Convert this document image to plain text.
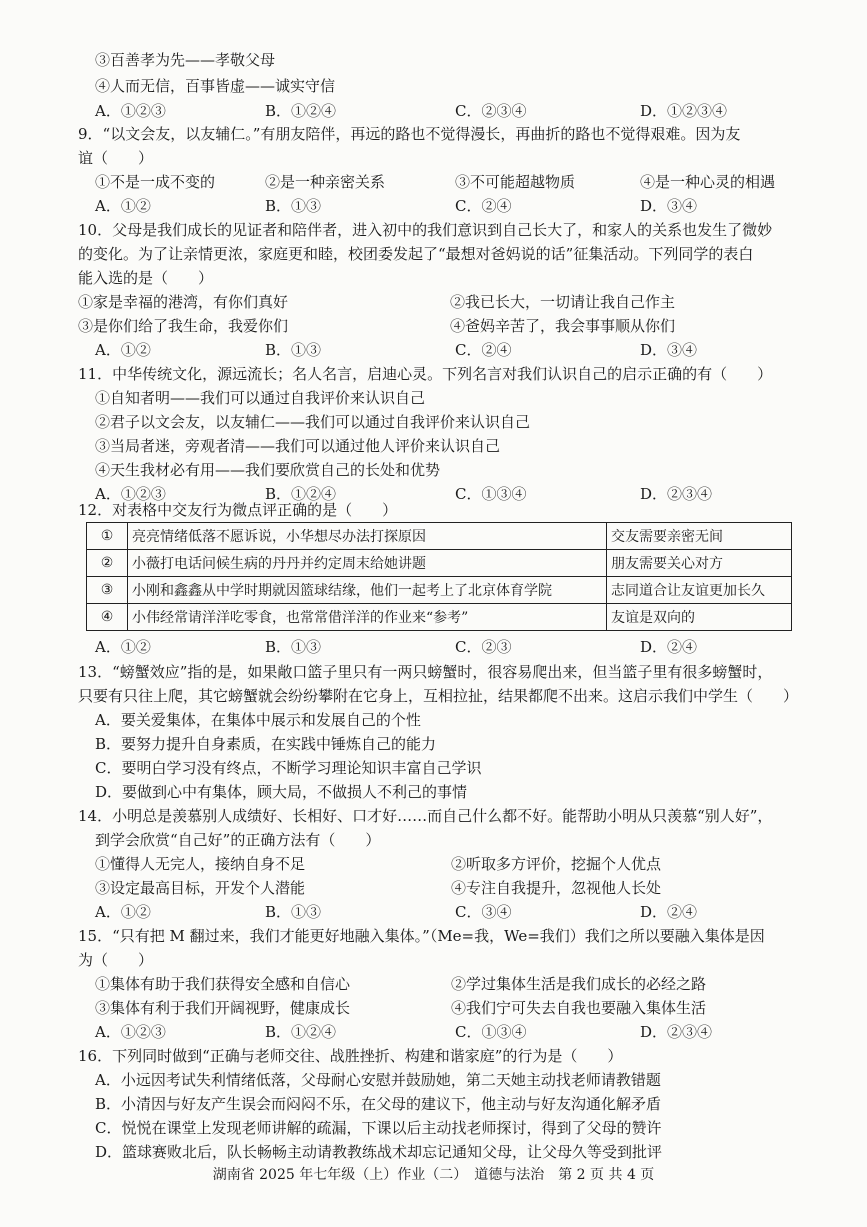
③百善孝为先——孝敬父母
④人而无信，百事皆虚——诚实守信
A．①②③	B．①②④	C．②③④	D．①②③④
9．“以文会友，以友辅仁。”有朋友陪伴，再远的路也不觉得漫长，再曲折的路也不觉得艰难。因为友
谊（　　）
①不是一成不变的	②是一种亲密关系	③不可能超越物质	④是一种心灵的相遇
A．①②	B．①③	C．②④	D．③④
10．父母是我们成长的见证者和陪伴者，进入初中的我们意识到自己长大了，和家人的关系也发生了微妙
的变化。为了让亲情更浓，家庭更和睦，校团委发起了“最想对爸妈说的话”征集活动。下列同学的表白
能入选的是（　　）
①家是幸福的港湾，有你们真好	②我已长大，一切请让我自己作主
③是你们给了我生命，我爱你们	④爸妈辛苦了，我会事事顺从你们
A．①②	B．①③	C．②④	D．③④
11．中华传统文化，源远流长；名人名言，启迪心灵。下列名言对我们认识自己的启示正确的有（　　）
①自知者明——我们可以通过自我评价来认识自己
②君子以文会友，以友辅仁——我们可以通过自我评价来认识自己
③当局者迷，旁观者清——我们可以通过他人评价来认识自己
④天生我材必有用——我们要欣赏自己的长处和优势
A．①②③	B．①②④	C．①③④	D．②③④
12．对表格中交友行为微点评正确的是（　　）
①	亮亮情绪低落不愿诉说，小华想尽办法打探原因	交友需要亲密无间
②	小薇打电话问候生病的丹丹并约定周末给她讲题	朋友需要关心对方
③	小刚和鑫鑫从中学时期就因篮球结缘，他们一起考上了北京体育学院	志同道合让友谊更加长久
④	小伟经常请洋洋吃零食，也常常借洋洋的作业来“参考”	友谊是双向的
A．①②	B．①③	C．②③	D．②④
13．“螃蟹效应”指的是，如果敞口篮子里只有一两只螃蟹时，很容易爬出来，但当篮子里有很多螃蟹时，
只要有只往上爬，其它螃蟹就会纷纷攀附在它身上，互相拉扯，结果都爬不出来。这启示我们中学生（　　）
A．要关爱集体，在集体中展示和发展自己的个性
B．要努力提升自身素质，在实践中锤炼自己的能力
C．要明白学习没有终点，不断学习理论知识丰富自己学识
D．要做到心中有集体，顾大局，不做损人不利己的事情
14．小明总是羡慕别人成绩好、长相好、口才好……而自己什么都不好。能帮助小明从只羡慕“别人好”，
到学会欣赏“自己好”的正确方法有（　　）
①懂得人无完人，接纳自身不足	②听取多方评价，挖掘个人优点
③设定最高目标，开发个人潜能	④专注自我提升，忽视他人长处
A．①②	B．①③	C．③④	D．②④
15．“只有把 M 翻过来，我们才能更好地融入集体。”（Me=我，We=我们）我们之所以要融入集体是因
为（　　）
①集体有助于我们获得安全感和自信心	②学过集体生活是我们成长的必经之路
③集体有利于我们开阔视野，健康成长	④我们宁可失去自我也要融入集体生活
A．①②③	B．①②④	C．①③④	D．②③④
16．下列同时做到“正确与老师交往、战胜挫折、构建和谐家庭”的行为是（　　）
A．小远因考试失利情绪低落，父母耐心安慰并鼓励她，第二天她主动找老师请教错题
B．小清因与好友产生误会而闷闷不乐，在父母的建议下，他主动与好友沟通化解矛盾
C．悦悦在课堂上发现老师讲解的疏漏，下课以后主动找老师探讨，得到了父母的赞许
D．篮球赛败北后，队长畅畅主动请教教练战术却忘记通知父母，让父母久等受到批评
湖南省 2025 年七年级（上）作业（二）　道德与法治　第 2 页 共 4 页
